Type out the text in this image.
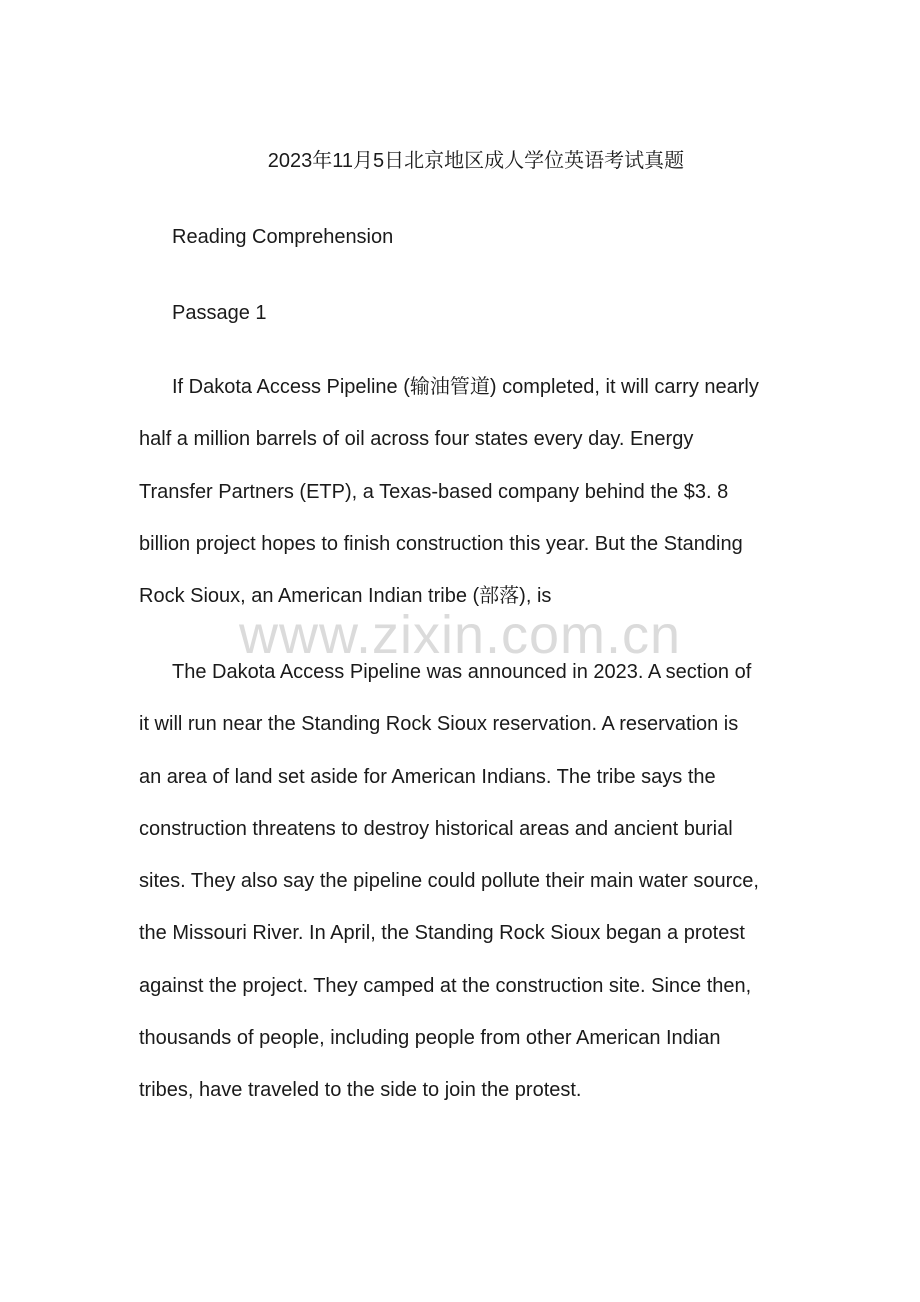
2023年11月5日北京地区成人学位英语考试真题
Reading Comprehension
Passage 1

If Dakota Access Pipeline (输油管道) completed, it will carry nearly
half a million barrels of oil across four states every day. Energy
Transfer Partners (ETP), a Texas-based company behind the $3. 8
billion project hopes to finish construction this year. But the Standing
Rock Sioux, an American Indian tribe (部落), is

www.zixin.com.cn

The Dakota Access Pipeline was announced in 2023. A section of
it will run near the Standing Rock Sioux reservation. A reservation is
an area of land set aside for American Indians. The tribe says the
construction threatens to destroy historical areas and ancient burial
sites. They also say the pipeline could pollute their main water source,
the Missouri River. In April, the Standing Rock Sioux began a protest
against the project. They camped at the construction site. Since then,
thousands of people, including people from other American Indian
tribes, have traveled to the side to join the protest.
